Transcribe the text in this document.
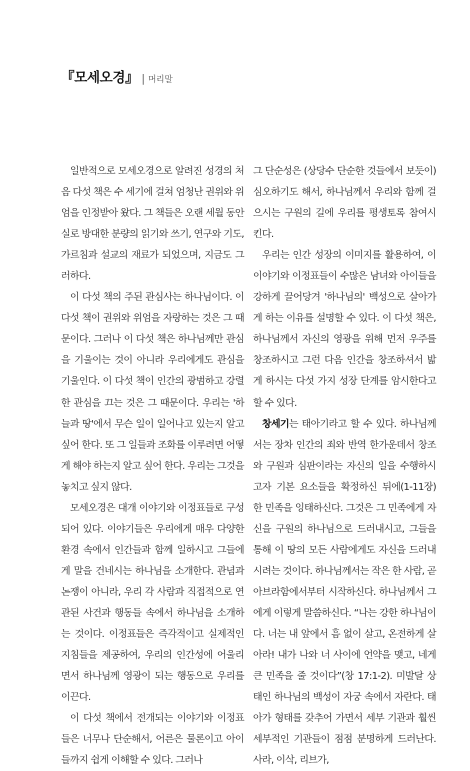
『모세오경』 | 머리말

일반적으로 모세오경으로 알려진 성경의 처음 다섯 책은 수 세기에 걸쳐 엄청난 권위와 위엄을 인정받아 왔다. 그 책들은 오랜 세월 동안 실로 방대한 분량의 읽기와 쓰기, 연구와 기도, 가르침과 설교의 재료가 되었으며, 지금도 그러하다.

이 다섯 책의 주된 관심사는 하나님이다. 이 다섯 책이 권위와 위엄을 자랑하는 것은 그 때문이다. 그러나 이 다섯 책은 하나님께만 관심을 기울이는 것이 아니라 우리에게도 관심을 기울인다. 이 다섯 책이 인간의 광범하고 강렬한 관심을 끄는 것은 그 때문이다. 우리는 '하늘과 땅'에서 무슨 일이 일어나고 있는지 알고 싶어 한다. 또 그 일들과 조화를 이루려면 어떻게 해야 하는지 알고 싶어 한다. 우리는 그것을 놓치고 싶지 않다.

모세오경은 대개 이야기와 이정표들로 구성되어 있다. 이야기들은 우리에게 매우 다양한 환경 속에서 인간들과 함께 일하시고 그들에게 말을 건네시는 하나님을 소개한다. 관념과 논쟁이 아니라, 우리 각 사람과 직접적으로 연관된 사건과 행동들 속에서 하나님을 소개하는 것이다. 이정표들은 즉각적이고 실제적인 지침들을 제공하여, 우리의 인간성에 어울리면서 하나님께 영광이 되는 행동으로 우리를 이끈다.

이 다섯 책에서 전개되는 이야기와 이정표들은 너무나 단순해서, 어른은 물론이고 아이들까지 쉽게 이해할 수 있다. 그러나

그 단순성은 (상당수 단순한 것들에서 보듯이) 심오하기도 해서, 하나님께서 우리와 함께 걸으시는 구원의 길에 우리를 평생토록 참여시킨다.

우리는 인간 성장의 이미지를 활용하여, 이 이야기와 이정표들이 수많은 남녀와 아이들을 강하게 끌어당겨 '하나님의' 백성으로 살아가게 하는 이유를 설명할 수 있다. 이 다섯 책은, 하나님께서 자신의 영광을 위해 먼저 우주를 창조하시고 그런 다음 인간을 창조하셔서 밟게 하시는 다섯 가지 성장 단계를 암시한다고 할 수 있다.

창세기는 태아기라고 할 수 있다. 하나님께서는 장차 인간의 죄와 반역 한가운데서 창조와 구원과 심판이라는 자신의 일을 수행하시고자 기본 요소들을 확정하신 뒤에(1-11장) 한 민족을 잉태하신다. 그것은 그 민족에게 자신을 구원의 하나님으로 드러내시고, 그들을 통해 이 땅의 모든 사람에게도 자신을 드러내시려는 것이다. 하나님께서는 작은 한 사람, 곧 아브라함에서부터 시작하신다. 하나님께서 그에게 이렇게 말씀하신다. “나는 강한 하나님이다. 너는 내 앞에서 흠 없이 살고, 온전하게 살아라! 내가 나와 너 사이에 언약을 맺고, 네게 큰 민족을 줄 것이다”(창 17:1-2). 미발달 상태인 하나님의 백성이 자궁 속에서 자란다. 태아가 형태를 갖추어 가면서 세부 기관과 훨씬 세부적인 기관들이 점점 분명하게 드러난다. 사라, 이삭, 리브가,
